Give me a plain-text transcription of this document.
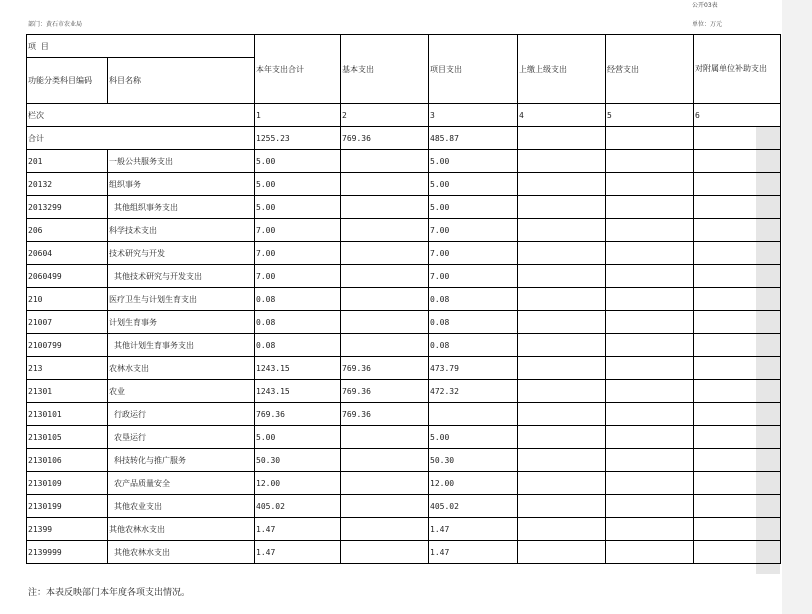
公开03表
部门：黄石市农业局	单位：万元
项 目		本年支出合计	基本支出	项目支出	上缴上级支出	经营支出	对附属单位补助支出
功能分类科目编码	科目名称						
栏次		1	2	3	4	5	6
合计		1255.23	769.36	485.87			
201	一般公共服务支出	5.00		5.00			
20132	组织事务	5.00		5.00			
2013299	其他组织事务支出	5.00		5.00			
206	科学技术支出	7.00		7.00			
20604	技术研究与开发	7.00		7.00			
2060499	其他技术研究与开发支出	7.00		7.00			
210	医疗卫生与计划生育支出	0.08		0.08			
21007	计划生育事务	0.08		0.08			
2100799	其他计划生育事务支出	0.08		0.08			
213	农林水支出	1243.15	769.36	473.79			
21301	农业	1243.15	769.36	472.32			
2130101	行政运行	769.36	769.36				
2130105	农垦运行	5.00		5.00			
2130106	科技转化与推广服务	50.30		50.30			
2130109	农产品质量安全	12.00		12.00			
2130199	其他农业支出	405.02		405.02			
21399	其他农林水支出	1.47		1.47			
2139999	其他农林水支出	1.47		1.47			
注：本表反映部门本年度各项支出情况。
